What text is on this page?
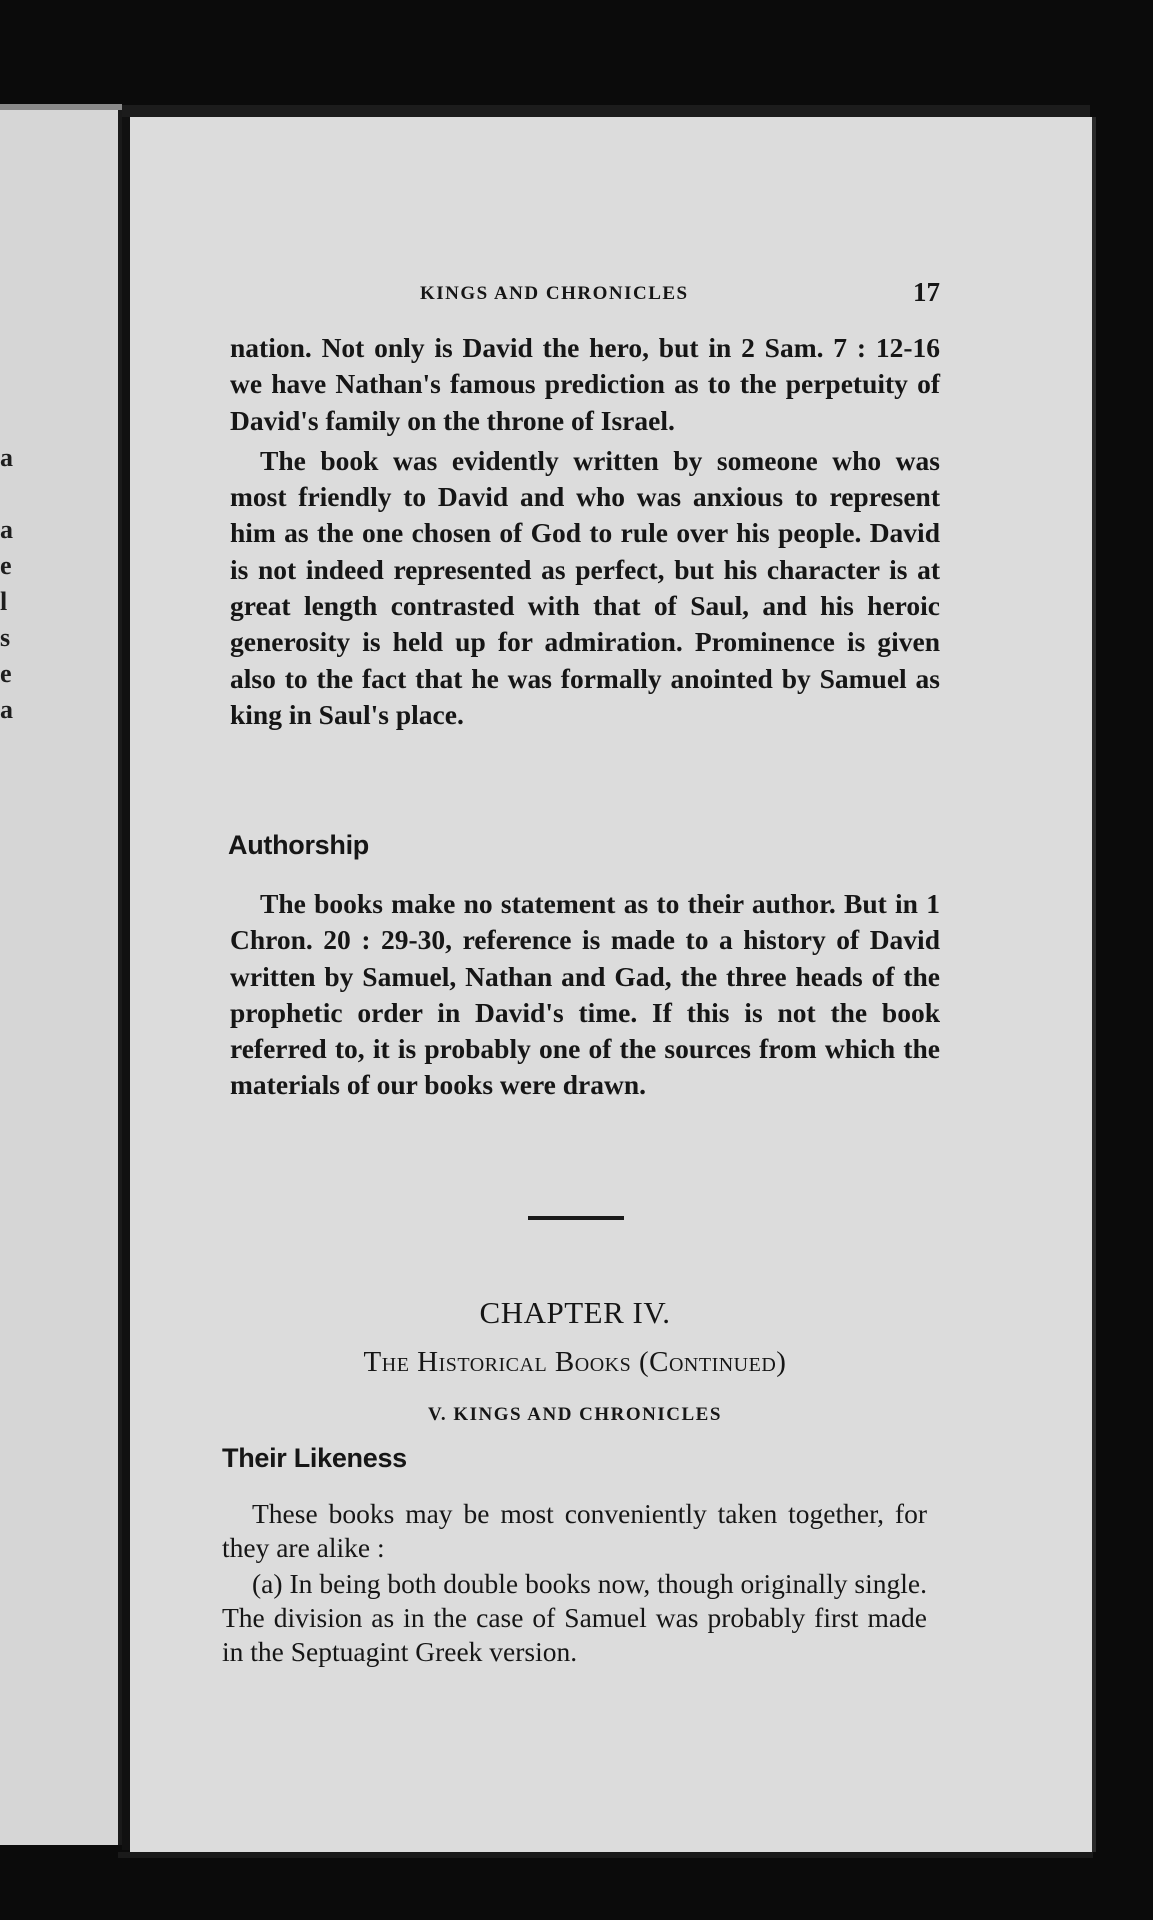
a
a
e
l
s
e
a
KINGS AND CHRONICLES	17

nation. Not only is David the hero, but in 2 Sam. 7 : 12-16 we have Nathan's famous prediction as to the perpetuity of David's family on the throne of Israel.

The book was evidently written by someone who was most friendly to David and who was anxious to represent him as the one chosen of God to rule over his people. David is not indeed represented as perfect, but his character is at great length contrasted with that of Saul, and his heroic generosity is held up for admiration. Prominence is given also to the fact that he was formally anointed by Samuel as king in Saul's place.

Authorship

The books make no statement as to their author. But in 1 Chron. 20 : 29-30, reference is made to a history of David written by Samuel, Nathan and Gad, the three heads of the prophetic order in David's time. If this is not the book referred to, it is probably one of the sources from which the materials of our books were drawn.

CHAPTER IV.
The Historical Books (Continued)
V. KINGS AND CHRONICLES
Their Likeness

These books may be most conveniently taken together, for they are alike :

(a) In being both double books now, though originally single. The division as in the case of Samuel was probably first made in the Septuagint Greek version.
